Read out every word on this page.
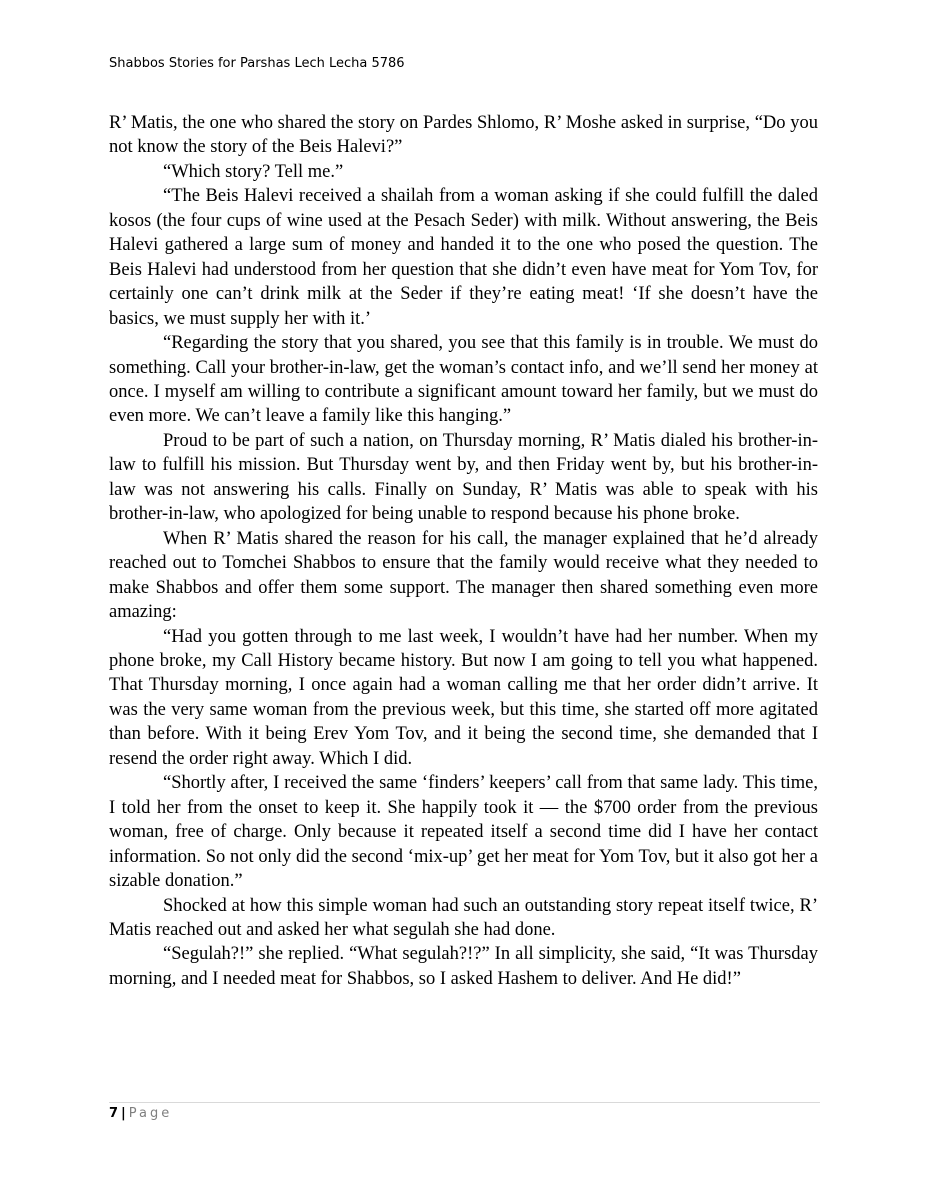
Shabbos Stories for Parshas Lech Lecha 5786

R’ Matis, the one who shared the story on Pardes Shlomo, R’ Moshe asked in surprise, “Do you not know the story of the Beis Halevi?”

“Which story? Tell me.”

“The Beis Halevi received a shailah from a woman asking if she could fulfill the daled kosos (the four cups of wine used at the Pesach Seder) with milk. Without answering, the Beis Halevi gathered a large sum of money and handed it to the one who posed the question. The Beis Halevi had understood from her question that she didn’t even have meat for Yom Tov, for certainly one can’t drink milk at the Seder if they’re eating meat! ‘If she doesn’t have the basics, we must supply her with it.’

“Regarding the story that you shared, you see that this family is in trouble. We must do something. Call your brother-in-law, get the woman’s contact info, and we’ll send her money at once. I myself am willing to contribute a significant amount toward her family, but we must do even more. We can’t leave a family like this hanging.”

Proud to be part of such a nation, on Thursday morning, R’ Matis dialed his brother-in-law to fulfill his mission. But Thursday went by, and then Friday went by, but his brother-in-law was not answering his calls. Finally on Sunday, R’ Matis was able to speak with his brother-in-law, who apologized for being unable to respond because his phone broke.

When R’ Matis shared the reason for his call, the manager explained that he’d already reached out to Tomchei Shabbos to ensure that the family would receive what they needed to make Shabbos and offer them some support. The manager then shared something even more amazing:

“Had you gotten through to me last week, I wouldn’t have had her number. When my phone broke, my Call History became history. But now I am going to tell you what happened. That Thursday morning, I once again had a woman calling me that her order didn’t arrive. It was the very same woman from the previous week, but this time, she started off more agitated than before. With it being Erev Yom Tov, and it being the second time, she demanded that I resend the order right away. Which I did.

“Shortly after, I received the same ‘finders’ keepers’ call from that same lady. This time, I told her from the onset to keep it. She happily took it — the $700 order from the previous woman, free of charge. Only because it repeated itself a second time did I have her contact information. So not only did the second ‘mix-up’ get her meat for Yom Tov, but it also got her a sizable donation.”

Shocked at how this simple woman had such an outstanding story repeat itself twice, R’ Matis reached out and asked her what segulah she had done.

“Segulah?!” she replied. “What segulah?!?” In all simplicity, she said, “It was Thursday morning, and I needed meat for Shabbos, so I asked Hashem to deliver. And He did!”

7 | Page
